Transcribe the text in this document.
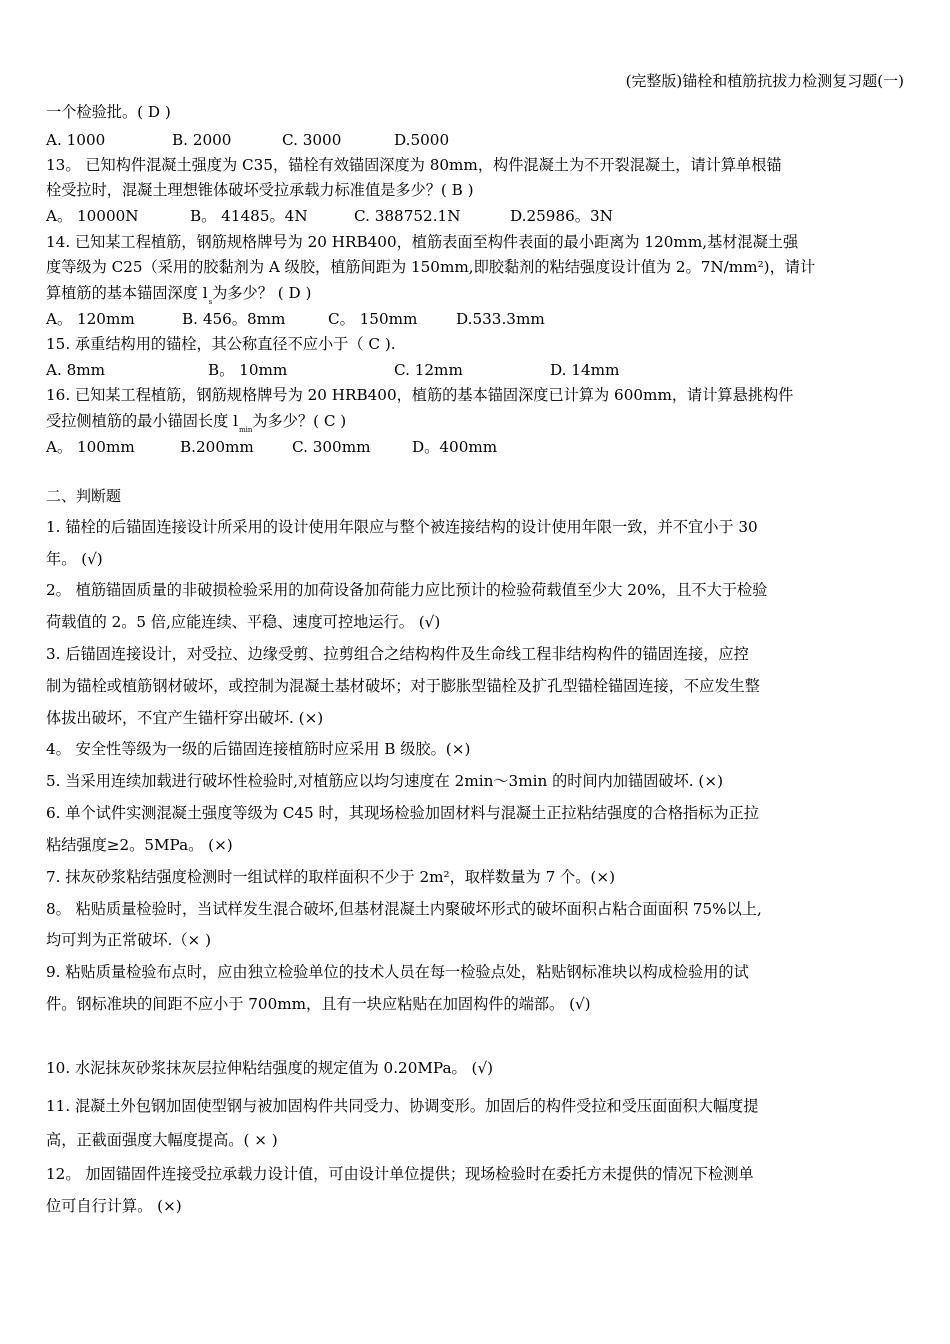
(完整版)锚栓和植筋抗拔力检测复习题(一)
一个检验批。( D )
A. 1000	B. 2000	C. 3000	D.5000
13。 已知构件混凝土强度为 C35，锚栓有效锚固深度为 80mm，构件混凝土为不开裂混凝土，请计算单根锚
栓受拉时，混凝土理想锥体破坏受拉承载力标准值是多少？( B )
A。 10000N	B。 41485。4N	C. 388752.1N	D.25986。3N
14. 已知某工程植筋，钢筋规格牌号为 20 HRB400，植筋表面至构件表面的最小距离为 120mm,基材混凝土强
度等级为 C25（采用的胶黏剂为 A 级胶，植筋间距为 150mm,即胶黏剂的粘结强度设计值为 2。7N/mm²)，请计
算植筋的基本锚固深度 $l_s$为多少？ ( D )
A。 120mm	B. 456。8mm	C。 150mm	D.533.3mm
15. 承重结构用的锚栓，其公称直径不应小于（ C ).
A. 8mm	B。 10mm	C. 12mm	D. 14mm
16. 已知某工程植筋，钢筋规格牌号为 20 HRB400，植筋的基本锚固深度已计算为 600mm，请计算悬挑构件
受拉侧植筋的最小锚固长度 $l_{min}$为多少？( C )
A。 100mm	B.200mm	C. 300mm	D。400mm
二、判断题
1. 锚栓的后锚固连接设计所采用的设计使用年限应与整个被连接结构的设计使用年限一致，并不宜小于 30
年。 (√)
2。 植筋锚固质量的非破损检验采用的加荷设备加荷能力应比预计的检验荷载值至少大 20%，且不大于检验
荷载值的 2。5 倍,应能连续、平稳、速度可控地运行。 (√)
3. 后锚固连接设计，对受拉、边缘受剪、拉剪组合之结构构件及生命线工程非结构构件的锚固连接，应控
制为锚栓或植筋钢材破坏，或控制为混凝土基材破坏；对于膨胀型锚栓及扩孔型锚栓锚固连接，不应发生整
体拔出破坏，不宜产生锚杆穿出破坏. (×)
4。 安全性等级为一级的后锚固连接植筋时应采用 B 级胶。(×)
5. 当采用连续加载进行破坏性检验时,对植筋应以均匀速度在 2min～3min 的时间内加锚固破坏. (×)
6. 单个试件实测混凝土强度等级为 C45 时，其现场检验加固材料与混凝土正拉粘结强度的合格指标为正拉
粘结强度≥2。5MPa。 (×)
7. 抹灰砂浆粘结强度检测时一组试样的取样面积不少于 2m²，取样数量为 7 个。(×)
8。 粘贴质量检验时，当试样发生混合破坏,但基材混凝土内聚破坏形式的破坏面积占粘合面面积 75%以上,
均可判为正常破坏.（× )
9. 粘贴质量检验布点时，应由独立检验单位的技术人员在每一检验点处，粘贴钢标准块以构成检验用的试
件。钢标准块的间距不应小于 700mm，且有一块应粘贴在加固构件的端部。 (√)
10. 水泥抹灰砂浆抹灰层拉伸粘结强度的规定值为 0.20MPa。 (√)
11. 混凝土外包钢加固使型钢与被加固构件共同受力、协调变形。加固后的构件受拉和受压面面积大幅度提
高，正截面强度大幅度提高。( × )
12。 加固锚固件连接受拉承载力设计值，可由设计单位提供；现场检验时在委托方未提供的情况下检测单
位可自行计算。 (×)
